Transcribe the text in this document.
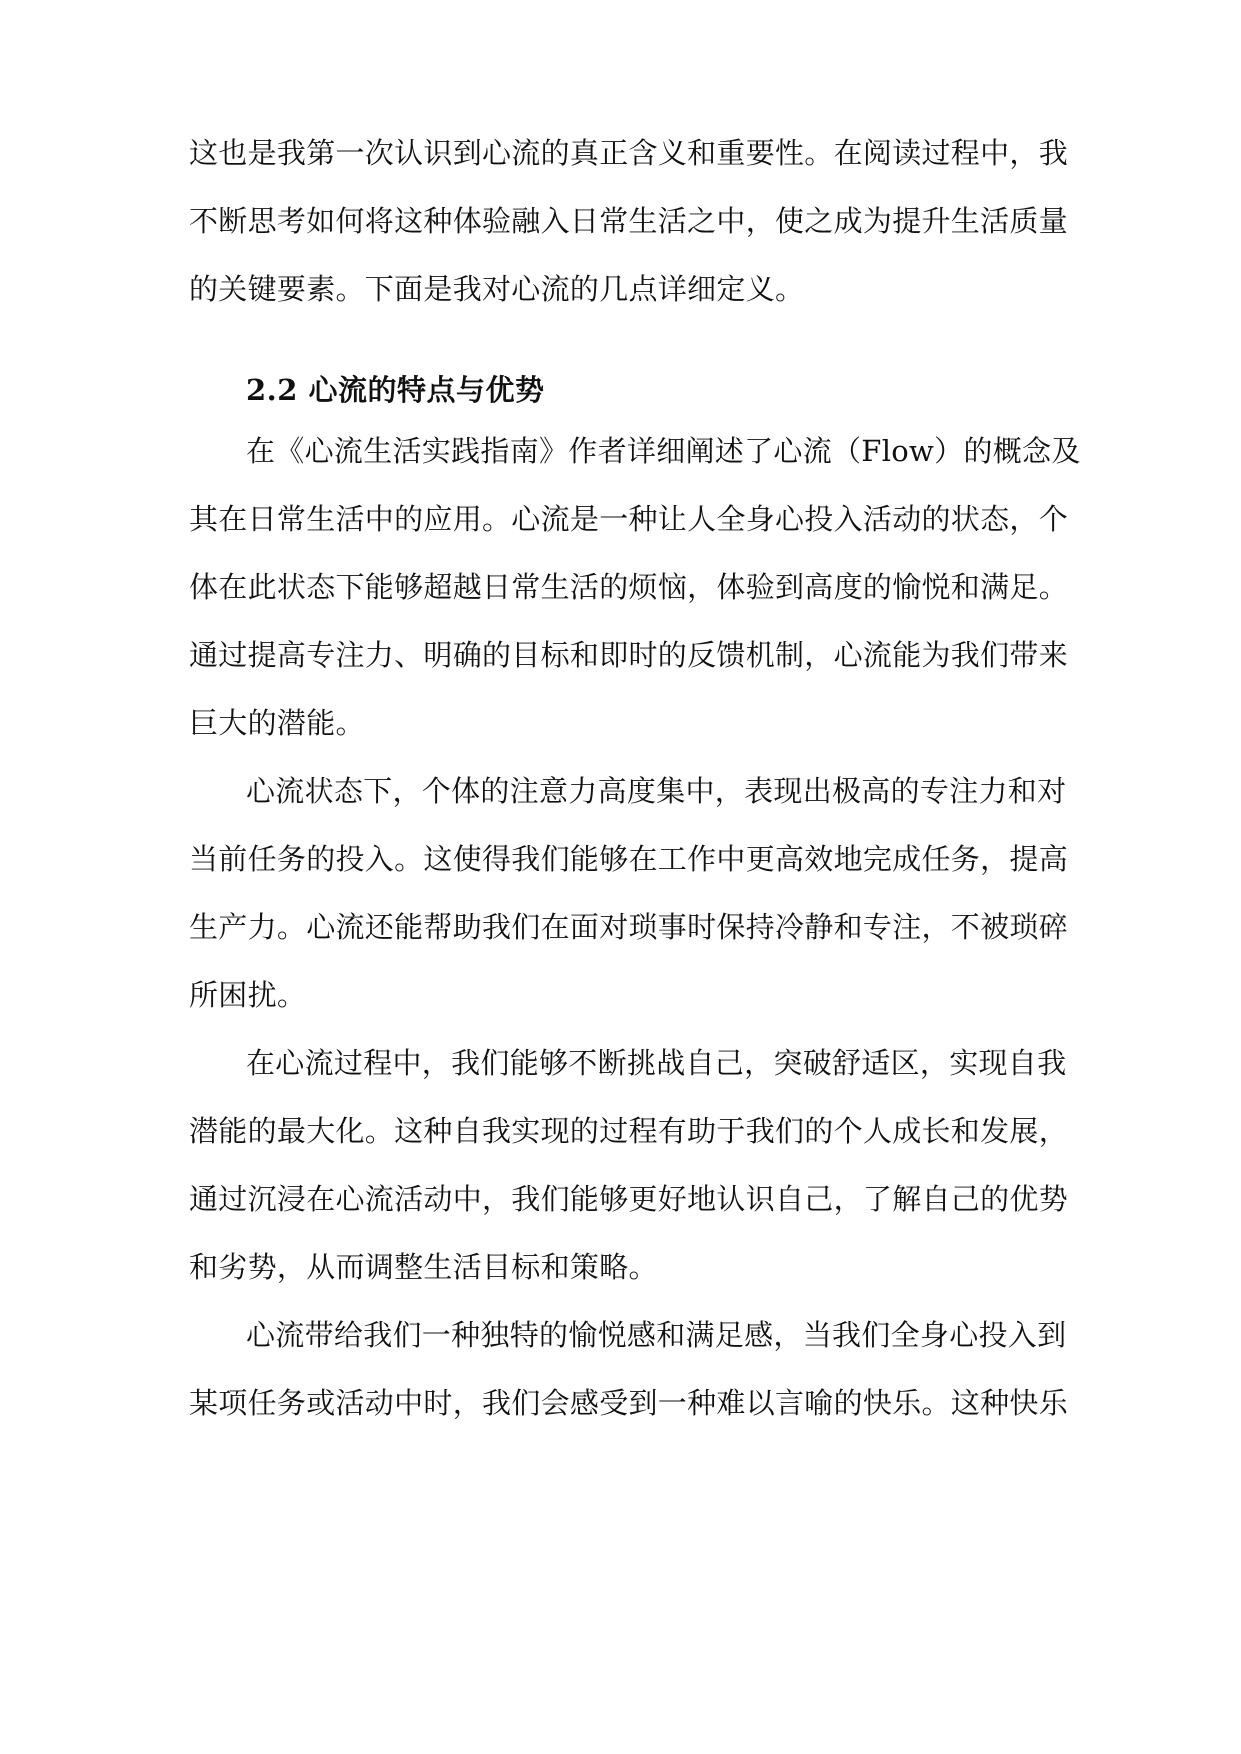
这也是我第一次认识到心流的真正含义和重要性。在阅读过程中，我
不断思考如何将这种体验融入日常生活之中，使之成为提升生活质量
的关键要素。下面是我对心流的几点详细定义。
2.2 心流的特点与优势
在《心流生活实践指南》作者详细阐述了心流（Flow）的概念及
其在日常生活中的应用。心流是一种让人全身心投入活动的状态，个
体在此状态下能够超越日常生活的烦恼，体验到高度的愉悦和满足。
通过提高专注力、明确的目标和即时的反馈机制，心流能为我们带来
巨大的潜能。
心流状态下，个体的注意力高度集中，表现出极高的专注力和对
当前任务的投入。这使得我们能够在工作中更高效地完成任务，提高
生产力。心流还能帮助我们在面对琐事时保持冷静和专注，不被琐碎
所困扰。
在心流过程中，我们能够不断挑战自己，突破舒适区，实现自我
潜能的最大化。这种自我实现的过程有助于我们的个人成长和发展，
通过沉浸在心流活动中，我们能够更好地认识自己，了解自己的优势
和劣势，从而调整生活目标和策略。
心流带给我们一种独特的愉悦感和满足感，当我们全身心投入到
某项任务或活动中时，我们会感受到一种难以言喻的快乐。这种快乐
